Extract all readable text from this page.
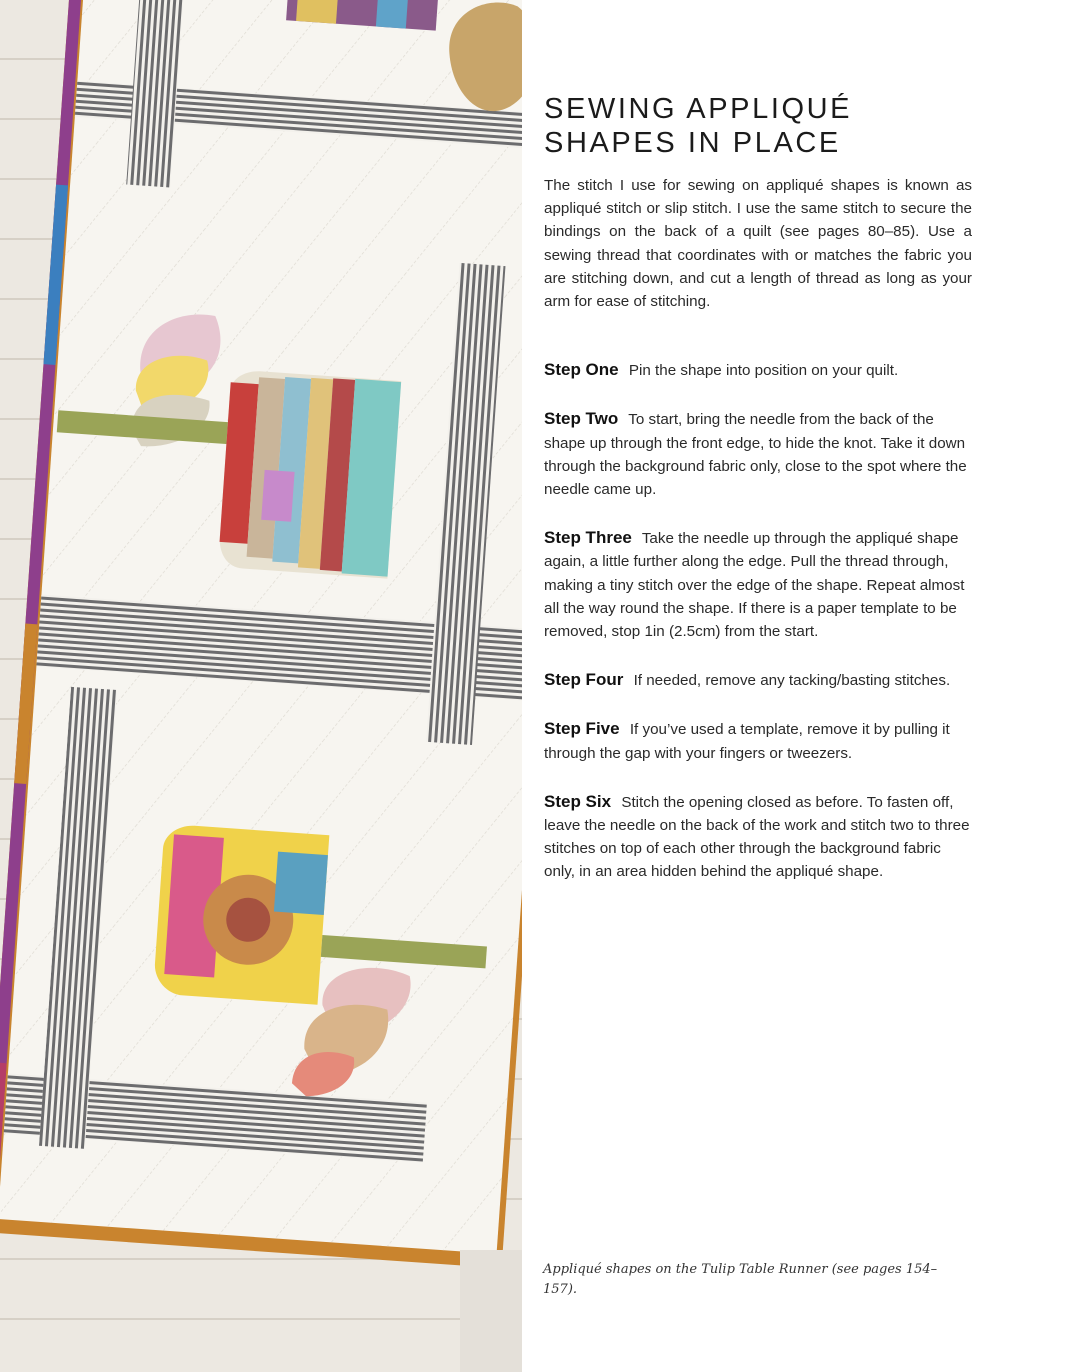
SEWING APPLIQUÉ
SHAPES IN PLACE

The stitch I use for sewing on appliqué shapes is known as appliqué stitch or slip stitch. I use the same stitch to secure the bindings on the back of a quilt (see pages 80–85). Use a sewing thread that coordinates with or matches the fabric you are stitching down, and cut a length of thread as long as your arm for ease of stitching.

Step One Pin the shape into position on your quilt.

Step Two To start, bring the needle from the back of the shape up through the front edge, to hide the knot. Take it down through the background fabric only, close to the spot where the needle came up.

Step Three Take the needle up through the appliqué shape again, a little further along the edge. Pull the thread through, making a tiny stitch over the edge of the shape. Repeat almost all the way round the shape. If there is a paper template to be removed, stop 1in (2.5cm) from the start.

Step Four If needed, remove any tacking/basting stitches.

Step Five If you’ve used a template, remove it by pulling it through the gap with your fingers or tweezers.

Step Six Stitch the opening closed as before. To fasten off, leave the needle on the back of the work and stitch two to three stitches on top of each other through the background fabric only, in an area hidden behind the appliqué shape.

Appliqué shapes on the Tulip Table Runner (see pages 154–157).
